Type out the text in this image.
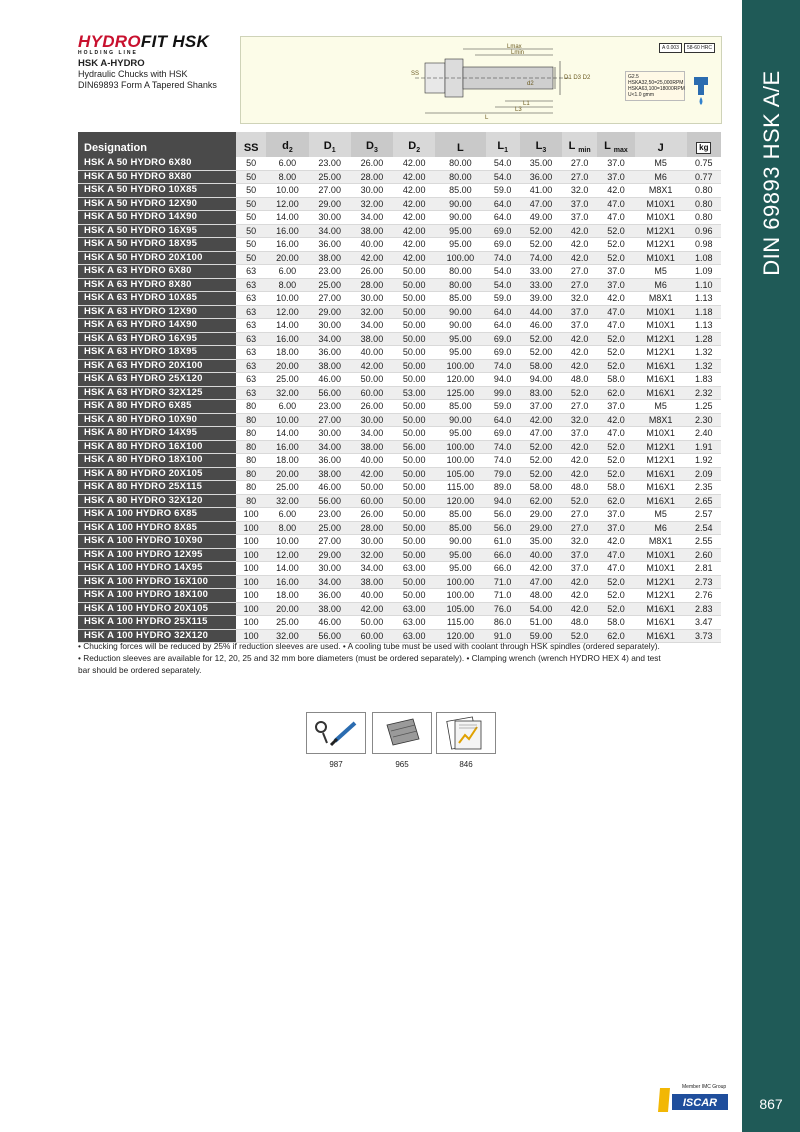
HYDROFIT HSK
HOLDING LINE
HSK A-HYDRO
Hydraulic Chucks with HSK
DIN69893 Form A Tapered Shanks
Lmax
Lmin
SS
d2
D1 D3 D2
L1
L3
L
A 0.003	58-60 HRC
G2.5
HSKA32,50=25,000RPM
HSKA63,100=18000RPM
U<1.0 gmm
Designation	SS	$d_2$	$D_1$	$D_3$	$D_2$	L	$L_1$	$L_3$	L $_{min}$	L $_{max}$	J	kg
HSK A 50 HYDRO 6X80	50	6.00	23.00	26.00	42.00	80.00	54.0	35.00	27.0	37.0	M5	0.75
HSK A 50 HYDRO 8X80	50	8.00	25.00	28.00	42.00	80.00	54.0	36.00	27.0	37.0	M6	0.77
HSK A 50 HYDRO 10X85	50	10.00	27.00	30.00	42.00	85.00	59.0	41.00	32.0	42.0	M8X1	0.80
HSK A 50 HYDRO 12X90	50	12.00	29.00	32.00	42.00	90.00	64.0	47.00	37.0	47.0	M10X1	0.80
HSK A 50 HYDRO 14X90	50	14.00	30.00	34.00	42.00	90.00	64.0	49.00	37.0	47.0	M10X1	0.80
HSK A 50 HYDRO 16X95	50	16.00	34.00	38.00	42.00	95.00	69.0	52.00	42.0	52.0	M12X1	0.96
HSK A 50 HYDRO 18X95	50	16.00	36.00	40.00	42.00	95.00	69.0	52.00	42.0	52.0	M12X1	0.98
HSK A 50 HYDRO 20X100	50	20.00	38.00	42.00	42.00	100.00	74.0	74.00	42.0	52.0	M10X1	1.08
HSK A 63 HYDRO 6X80	63	6.00	23.00	26.00	50.00	80.00	54.0	33.00	27.0	37.0	M5	1.09
HSK A 63 HYDRO 8X80	63	8.00	25.00	28.00	50.00	80.00	54.0	33.00	27.0	37.0	M6	1.10
HSK A 63 HYDRO 10X85	63	10.00	27.00	30.00	50.00	85.00	59.0	39.00	32.0	42.0	M8X1	1.13
HSK A 63 HYDRO 12X90	63	12.00	29.00	32.00	50.00	90.00	64.0	44.00	37.0	47.0	M10X1	1.18
HSK A 63 HYDRO 14X90	63	14.00	30.00	34.00	50.00	90.00	64.0	46.00	37.0	47.0	M10X1	1.13
HSK A 63 HYDRO 16X95	63	16.00	34.00	38.00	50.00	95.00	69.0	52.00	42.0	52.0	M12X1	1.28
HSK A 63 HYDRO 18X95	63	18.00	36.00	40.00	50.00	95.00	69.0	52.00	42.0	52.0	M12X1	1.32
HSK A 63 HYDRO 20X100	63	20.00	38.00	42.00	50.00	100.00	74.0	58.00	42.0	52.0	M16X1	1.32
HSK A 63 HYDRO 25X120	63	25.00	46.00	50.00	50.00	120.00	94.0	94.00	48.0	58.0	M16X1	1.83
HSK A 63 HYDRO 32X125	63	32.00	56.00	60.00	53.00	125.00	99.0	83.00	52.0	62.0	M16X1	2.32
HSK A 80 HYDRO 6X85	80	6.00	23.00	26.00	50.00	85.00	59.0	37.00	27.0	37.0	M5	1.25
HSK A 80 HYDRO 10X90	80	10.00	27.00	30.00	50.00	90.00	64.0	42.00	32.0	42.0	M8X1	2.30
HSK A 80 HYDRO 14X95	80	14.00	30.00	34.00	50.00	95.00	69.0	47.00	37.0	47.0	M10X1	2.40
HSK A 80 HYDRO 16X100	80	16.00	34.00	38.00	56.00	100.00	74.0	52.00	42.0	52.0	M12X1	1.91
HSK A 80 HYDRO 18X100	80	18.00	36.00	40.00	50.00	100.00	74.0	52.00	42.0	52.0	M12X1	1.92
HSK A 80 HYDRO 20X105	80	20.00	38.00	42.00	50.00	105.00	79.0	52.00	42.0	52.0	M16X1	2.09
HSK A 80 HYDRO 25X115	80	25.00	46.00	50.00	50.00	115.00	89.0	58.00	48.0	58.0	M16X1	2.35
HSK A 80 HYDRO 32X120	80	32.00	56.00	60.00	50.00	120.00	94.0	62.00	52.0	62.0	M16X1	2.65
HSK A 100 HYDRO 6X85	100	6.00	23.00	26.00	50.00	85.00	56.0	29.00	27.0	37.0	M5	2.57
HSK A 100 HYDRO 8X85	100	8.00	25.00	28.00	50.00	85.00	56.0	29.00	27.0	37.0	M6	2.54
HSK A 100 HYDRO 10X90	100	10.00	27.00	30.00	50.00	90.00	61.0	35.00	32.0	42.0	M8X1	2.55
HSK A 100 HYDRO 12X95	100	12.00	29.00	32.00	50.00	95.00	66.0	40.00	37.0	47.0	M10X1	2.60
HSK A 100 HYDRO 14X95	100	14.00	30.00	34.00	63.00	95.00	66.0	42.00	37.0	47.0	M10X1	2.81
HSK A 100 HYDRO 16X100	100	16.00	34.00	38.00	50.00	100.00	71.0	47.00	42.0	52.0	M12X1	2.73
HSK A 100 HYDRO 18X100	100	18.00	36.00	40.00	50.00	100.00	71.0	48.00	42.0	52.0	M12X1	2.76
HSK A 100 HYDRO 20X105	100	20.00	38.00	42.00	63.00	105.00	76.0	54.00	42.0	52.0	M16X1	2.83
HSK A 100 HYDRO 25X115	100	25.00	46.00	50.00	63.00	115.00	86.0	51.00	48.0	58.0	M16X1	3.47
HSK A 100 HYDRO 32X120	100	32.00	56.00	60.00	63.00	120.00	91.0	59.00	52.0	62.0	M16X1	3.73
• Chucking forces will be reduced by 25% if reduction sleeves are used. • A cooling tube must be used with coolant through HSK spindles (ordered separately).
• Reduction sleeves are available for 12, 20, 25 and 32 mm bore diameters (must be ordered separately). • Clamping wrench (wrench HYDRO HEX 4) and test
bar should be ordered separately.
987	965	846
DIN 69893 HSK A/E
867
Member IMC Group
ISCAR
